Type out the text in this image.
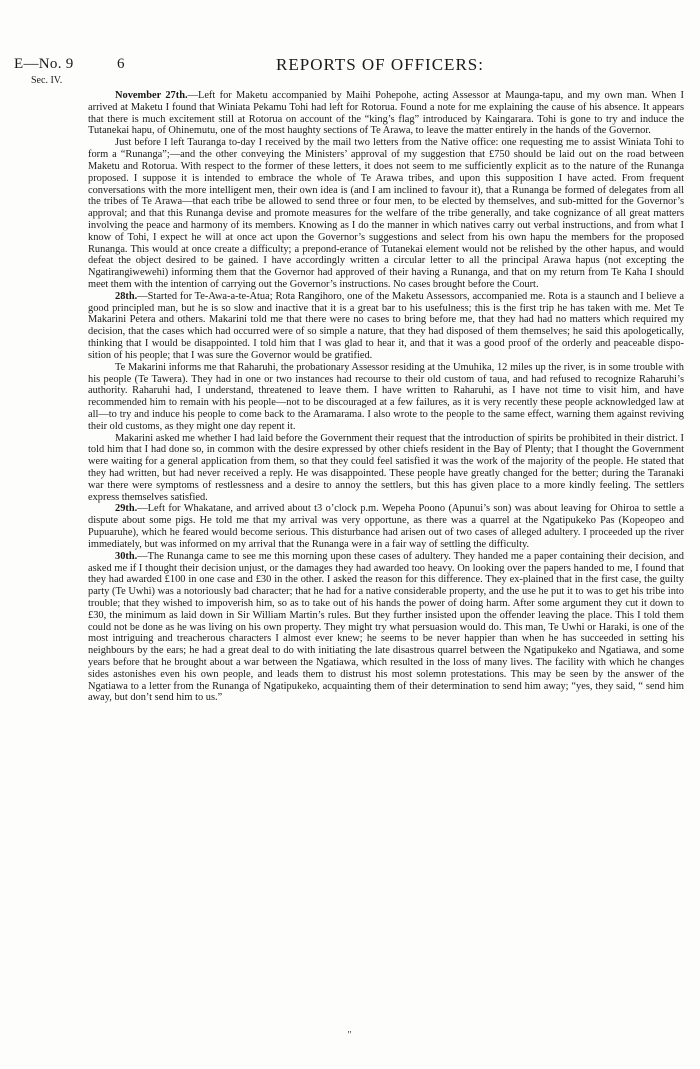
E—No. 9	6	REPORTS OF OFFICERS:
Sec. IV.

November 27th.—Left for Maketu accompanied by Maihi Pohepohe, acting Assessor at Maunga-tapu, and my own man. When I arrived at Maketu I found that Winiata Pekamu Tohi had left for Rotorua. Found a note for me explaining the cause of his absence. It appears that there is much excitement still at Rotorua on account of the “king’s flag” introduced by Kaingarara. Tohi is gone to try and induce the Tutanekai hapu, of Ohinemutu, one of the most haughty sections of Te Arawa, to leave the matter entirely in the hands of the Governor.

Just before I left Tauranga to-day I received by the mail two letters from the Native office: one requesting me to assist Winiata Tohi to form a “Runanga”;—and the other conveying the Ministers’ approval of my suggestion that £750 should be laid out on the road between Maketu and Rotorua. With respect to the former of these letters, it does not seem to me sufficiently explicit as to the nature of the Runanga proposed. I suppose it is intended to embrace the whole of Te Arawa tribes, and upon this supposition I have acted. From frequent conversations with the more intelligent men, their own idea is (and I am inclined to favour it), that a Runanga be formed of delegates from all the tribes of Te Arawa—that each tribe be allowed to send three or four men, to be elected by themselves, and sub-mitted for the Governor’s approval; and that this Runanga devise and promote measures for the welfare of the tribe generally, and take cognizance of all great matters involving the peace and harmony of its members. Knowing as I do the manner in which natives carry out verbal instructions, and from what I know of Tohi, I expect he will at once act upon the Governor’s suggestions and select from his own hapu the members for the proposed Runanga. This would at once create a difficulty; a prepond-erance of Tutanekai element would not be relished by the other hapus, and would defeat the object desired to be gained. I have accordingly written a circular letter to all the principal Arawa hapus (not excepting the Ngatirangiwewehi) informing them that the Governor had approved of their having a Runanga, and that on my return from Te Kaha I should meet them with the intention of carrying out the Governor’s instructions. No cases brought before the Court.

28th.—Started for Te-Awa-a-te-Atua; Rota Rangihoro, one of the Maketu Assessors, accompanied me. Rota is a staunch and I believe a good principled man, but he is so slow and inactive that it is a great bar to his usefulness; this is the first trip he has taken with me. Met Te Makarini Petera and others. Makarini told me that there were no cases to bring before me, that they had had no matters which required my decision, that the cases which had occurred were of so simple a nature, that they had disposed of them themselves; he said this apologetically, thinking that I would be disappointed. I told him that I was glad to hear it, and that it was a good proof of the orderly and peaceable dispo-sition of his people; that I was sure the Governor would be gratified.

Te Makarini informs me that Raharuhi, the probationary Assessor residing at the Umuhika, 12 miles up the river, is in some trouble with his people (Te Tawera). They had in one or two instances had recourse to their old custom of taua, and had refused to recognize Raharuhi’s authority. Raharuhi had, I understand, threatened to leave them. I have written to Raharuhi, as I have not time to visit him, and have recommended him to remain with his people—not to be discouraged at a few failures, as it is very recently these people acknowledged law at all—to try and induce his people to come back to the Aramarama. I also wrote to the people to the same effect, warning them against reviving their old customs, as they might one day repent it.

Makarini asked me whether I had laid before the Government their request that the introduction of spirits be prohibited in their district. I told him that I had done so, in common with the desire expressed by other chiefs resident in the Bay of Plenty; that I thought the Government were waiting for a general application from them, so that they could feel satisfied it was the work of the majority of the people. He stated that they had written, but had never received a reply. He was disappointed. These people have greatly changed for the better; during the Taranaki war there were symptoms of restlessness and a desire to annoy the settlers, but this has given place to a more kindly feeling. The settlers express themselves satisfied.

29th.—Left for Whakatane, and arrived about t3 o’clock p.m. Wepeha Poono (Apunui’s son) was about leaving for Ohiroa to settle a dispute about some pigs. He told me that my arrival was very opportune, as there was a quarrel at the Ngatipukeko Pas (Kopeopeo and Pupuaruhe), which he feared would become serious. This disturbance had arisen out of two cases of alleged adultery. I proceeded up the river immediately, but was informed on my arrival that the Runanga were in a fair way of settling the difficulty.

30th.—The Runanga came to see me this morning upon these cases of adultery. They handed me a paper containing their decision, and asked me if I thought their decision unjust, or the damages they had awarded too heavy. On looking over the papers handed to me, I found that they had awarded £100 in one case and £30 in the other. I asked the reason for this difference. They ex-plained that in the first case, the guilty party (Te Uwhi) was a notoriously bad character; that he had for a native considerable property, and the use he put it to was to get his tribe into trouble; that they wished to impoverish him, so as to take out of his hands the power of doing harm. After some argument they cut it down to £30, the minimum as laid down in Sir William Martin’s rules. But they further insisted upon the offender leaving the place. This I told them could not be done as he was living on his own property. They might try what persuasion would do. This man, Te Uwhi or Haraki, is one of the most intriguing and treacherous characters I almost ever knew; he seems to be never happier than when he has succeeded in setting his neighbours by the ears; he had a great deal to do with initiating the late disastrous quarrel between the Ngatipukeko and Ngatiawa, and some years before that he brought about a war between the Ngatiawa, which resulted in the loss of many lives. The facility with which he changes sides astonishes even his own people, and leads them to distrust his most solemn protestations. This may be seen by the answer of the Ngatiawa to a letter from the Runanga of Ngatipukeko, acquainting them of their determination to send him away; “yes, they said, “ send him away, but don’t send him to us.”

"
